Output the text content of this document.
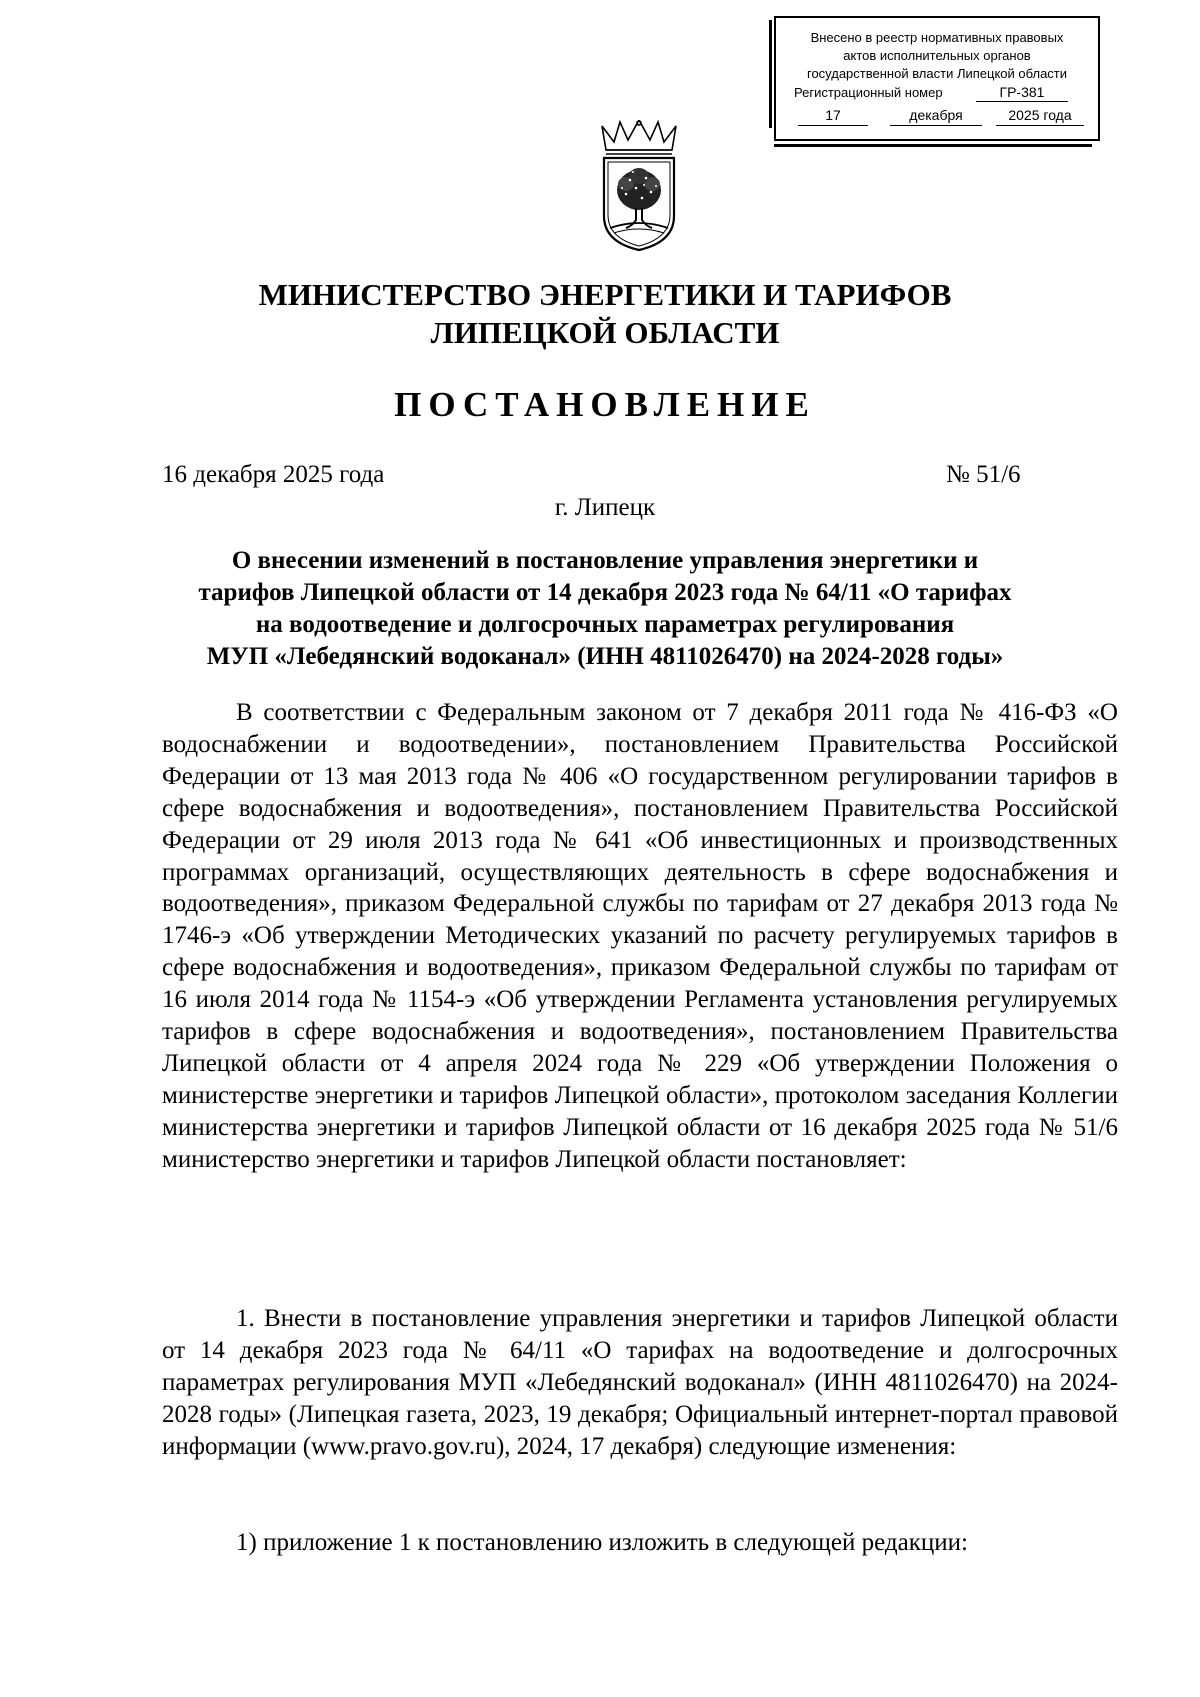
Внесено в реестр нормативных правовых
актов исполнительных органов
государственной власти Липецкой области
Регистрационный номер	ГР-381
17	декабря	2025 года
МИНИСТЕРСТВО ЭНЕРГЕТИКИ И ТАРИФОВ
ЛИПЕЦКОЙ ОБЛАСТИ
ПОСТАНОВЛЕНИЕ
16 декабря 2025 года	№ 51/6
г. Липецк
О внесении изменений в постановление управления энергетики и
тарифов Липецкой области от 14 декабря 2023 года № 64/11 «О тарифах
на водоотведение и долгосрочных параметрах регулирования
МУП «Лебедянский водоканал» (ИНН 4811026470) на 2024-2028 годы»
В соответствии с Федеральным законом от 7 декабря 2011 года № 416-ФЗ «О водоснабжении и водоотведении», постановлением Правительства Российской Федерации от 13 мая 2013 года № 406 «О государственном регулировании тарифов в сфере водоснабжения и водоотведения», постановлением Правительства Российской Федерации от 29 июля 2013 года № 641 «Об инвестиционных и производственных программах организаций, осуществляющих деятельность в сфере водоснабжения и водоотведения», приказом Федеральной службы по тарифам от 27 декабря 2013 года № 1746-э «Об утверждении Методических указаний по расчету регулируемых тарифов в сфере водоснабжения и водоотведения», приказом Федеральной службы по тарифам от 16 июля 2014 года № 1154-э «Об утверждении Регламента установления регулируемых тарифов в сфере водоснабжения и водоотведения», постановлением Правительства Липецкой области от 4 апреля 2024 года № 229 «Об утверждении Положения о министерстве энергетики и тарифов Липецкой области», протоколом заседания Коллегии министерства энергетики и тарифов Липецкой области от 16 декабря 2025 года № 51/6 министерство энергетики и тарифов Липецкой области постановляет:
1. Внести в постановление управления энергетики и тарифов Липецкой области от 14 декабря 2023 года № 64/11 «О тарифах на водоотведение и долгосрочных параметрах регулирования МУП «Лебедянский водоканал» (ИНН 4811026470) на 2024-2028 годы» (Липецкая газета, 2023, 19 декабря; Официальный интернет-портал правовой информации (www.pravo.gov.ru), 2024, 17 декабря) следующие изменения:
1) приложение 1 к постановлению изложить в следующей редакции:
